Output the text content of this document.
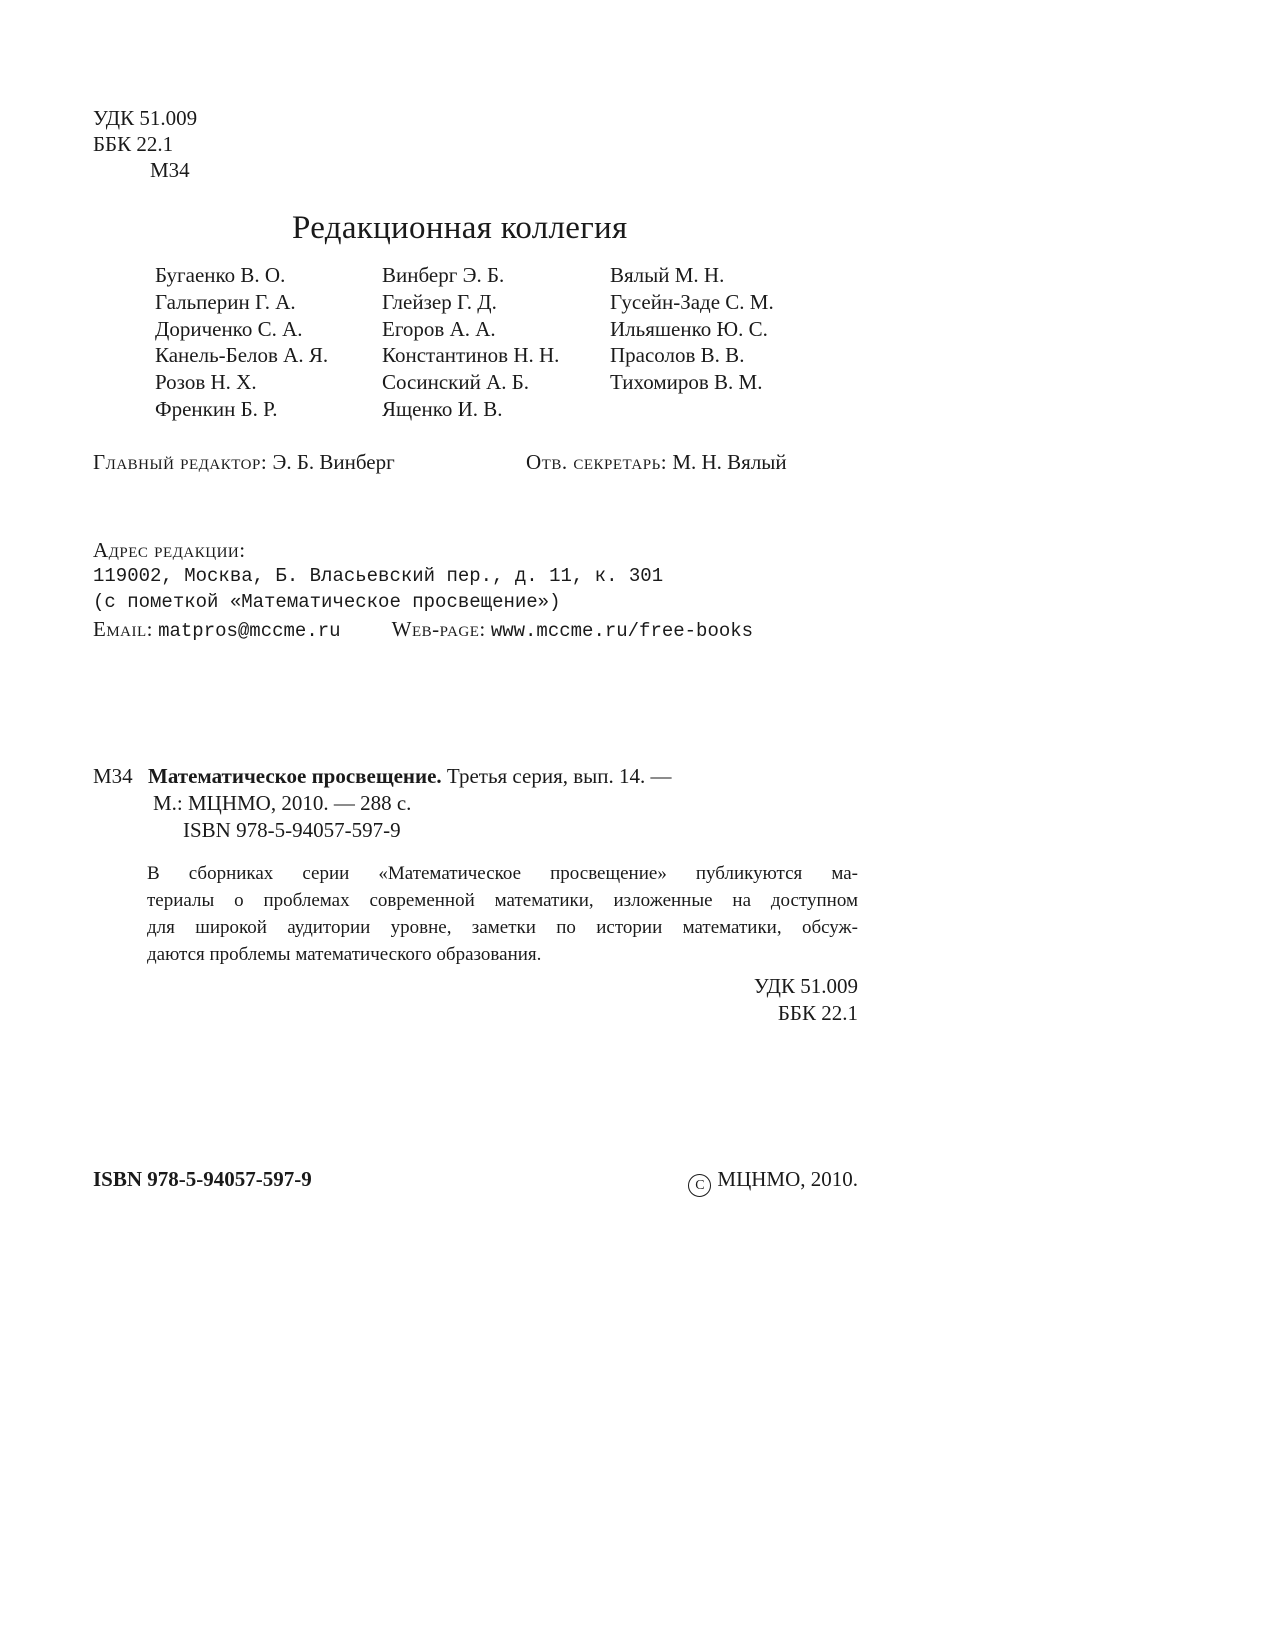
УДК 51.009
ББК 22.1
М34
Редакционная коллегия
Бугаенко В. О.
Гальперин Г. А.
Дориченко С. А.
Канель-Белов А. Я.
Розов Н. Х.
Френкин Б. Р.
Винберг Э. Б.
Глейзер Г. Д.
Егоров А. А.
Константинов Н. Н.
Сосинский А. Б.
Ященко И. В.
Вялый М. Н.
Гусейн-Заде С. М.
Ильяшенко Ю. С.
Прасолов В. В.
Тихомиров В. М.
Главный редактор: Э. Б. Винберг	Отв. секретарь: М. Н. Вялый
Адрес редакции:
119002, Москва, Б. Власьевский пер., д. 11, к. 301
(с пометкой «Математическое просвещение»)
Email: matpros@mccme.ru Web-page: www.mccme.ru/free-books
М34 Математическое просвещение. Третья серия, вып. 14. —
М.: МЦНМО, 2010. — 288 с.
ISBN 978-5-94057-597-9
В сборниках серии «Математическое просвещение» публикуются ма-
териалы о проблемах современной математики, изложенные на доступном
для широкой аудитории уровне, заметки по истории математики, обсуж-
даются проблемы математического образования.
УДК 51.009
ББК 22.1
ISBN 978-5-94057-597-9	C МЦНМО, 2010.
